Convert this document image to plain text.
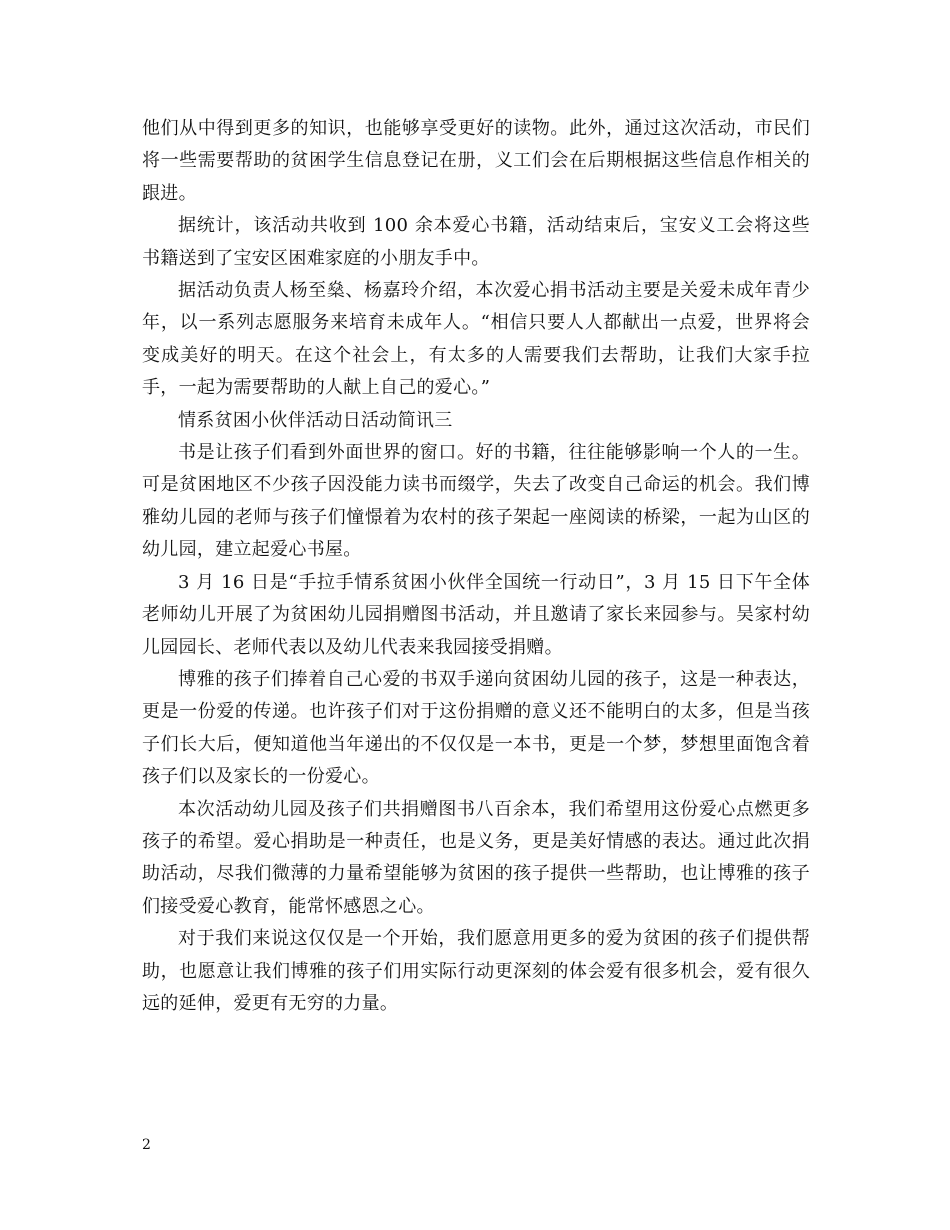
他们从中得到更多的知识，也能够享受更好的读物。此外，通过这次活动，市民们将一些需要帮助的贫困学生信息登记在册，义工们会在后期根据这些信息作相关的跟进。

据统计，该活动共收到 100 余本爱心书籍，活动结束后，宝安义工会将这些书籍送到了宝安区困难家庭的小朋友手中。

据活动负责人杨至燊、杨嘉玲介绍，本次爱心捐书活动主要是关爱未成年青少年，以一系列志愿服务来培育未成年人。“相信只要人人都献出一点爱，世界将会变成美好的明天。在这个社会上，有太多的人需要我们去帮助，让我们大家手拉手，一起为需要帮助的人献上自己的爱心。”

情系贫困小伙伴活动日活动简讯三

书是让孩子们看到外面世界的窗口。好的书籍，往往能够影响一个人的一生。可是贫困地区不少孩子因没能力读书而缀学，失去了改变自己命运的机会。我们博雅幼儿园的老师与孩子们憧憬着为农村的孩子架起一座阅读的桥梁，一起为山区的幼儿园，建立起爱心书屋。

3 月 16 日是“手拉手情系贫困小伙伴全国统一行动日”，3 月 15 日下午全体老师幼儿开展了为贫困幼儿园捐赠图书活动，并且邀请了家长来园参与。吴家村幼儿园园长、老师代表以及幼儿代表来我园接受捐赠。

博雅的孩子们捧着自己心爱的书双手递向贫困幼儿园的孩子，这是一种表达，更是一份爱的传递。也许孩子们对于这份捐赠的意义还不能明白的太多，但是当孩子们长大后，便知道他当年递出的不仅仅是一本书，更是一个梦，梦想里面饱含着孩子们以及家长的一份爱心。

本次活动幼儿园及孩子们共捐赠图书八百余本，我们希望用这份爱心点燃更多孩子的希望。爱心捐助是一种责任，也是义务，更是美好情感的表达。通过此次捐助活动，尽我们微薄的力量希望能够为贫困的孩子提供一些帮助，也让博雅的孩子们接受爱心教育，能常怀感恩之心。

对于我们来说这仅仅是一个开始，我们愿意用更多的爱为贫困的孩子们提供帮助，也愿意让我们博雅的孩子们用实际行动更深刻的体会爱有很多机会，爱有很久远的延伸，爱更有无穷的力量。

2
